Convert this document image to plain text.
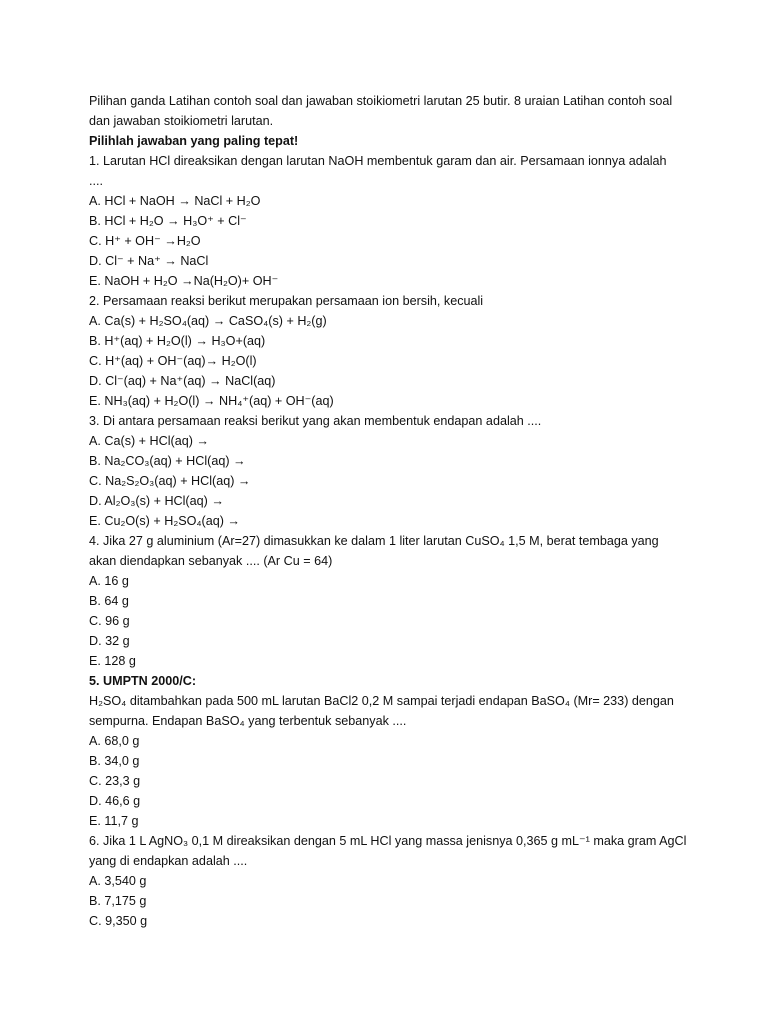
Pilihan ganda Latihan contoh soal dan jawaban stoikiometri larutan 25 butir. 8 uraian Latihan contoh soal dan jawaban stoikiometri larutan.
Pilihlah jawaban yang paling tepat!
1. Larutan HCl direaksikan dengan larutan NaOH membentuk garam dan air. Persamaan ionnya adalah
....
A. HCl + NaOH → NaCl + H₂O
B. HCl + H₂O → H₃O⁺ + Cl⁻
C. H⁺ + OH⁻ →H₂O
D. Cl⁻ + Na⁺ → NaCl
E. NaOH + H₂O →Na(H₂O)+ OH⁻
2. Persamaan reaksi berikut merupakan persamaan ion bersih, kecuali
A. Ca(s) + H₂SO₄(aq) → CaSO₄(s) + H₂(g)
B. H⁺(aq) + H₂O(l) → H₃O+(aq)
C. H⁺(aq) + OH⁻(aq)→ H₂O(l)
D. Cl⁻(aq) + Na⁺(aq) → NaCl(aq)
E. NH₃(aq) + H₂O(l) → NH₄⁺(aq) + OH⁻(aq)
3. Di antara persamaan reaksi berikut yang akan membentuk endapan adalah ....
A. Ca(s) + HCl(aq) →
B. Na₂CO₃(aq) + HCl(aq) →
C. Na₂S₂O₃(aq) + HCl(aq) →
D. Al₂O₃(s) + HCl(aq) →
E. Cu₂O(s) + H₂SO₄(aq) →
4. Jika 27 g aluminium (Ar=27) dimasukkan ke dalam 1 liter larutan CuSO₄ 1,5 M, berat tembaga yang
akan diendapkan sebanyak .... (Ar Cu = 64)
A. 16 g
B. 64 g
C. 96 g
D. 32 g
E. 128 g
5. UMPTN 2000/C:
H₂SO₄ ditambahkan pada 500 mL larutan BaCl2 0,2 M sampai terjadi endapan BaSO₄ (Mr= 233) dengan
sempurna. Endapan BaSO₄ yang terbentuk sebanyak ....
A. 68,0 g
B. 34,0 g
C. 23,3 g
D. 46,6 g
E. 11,7 g
6. Jika 1 L AgNO₃ 0,1 M direaksikan dengan 5 mL HCl yang massa jenisnya 0,365 g mL⁻¹ maka gram AgCl
yang di endapkan adalah ....
A. 3,540 g
B. 7,175 g
C. 9,350 g
